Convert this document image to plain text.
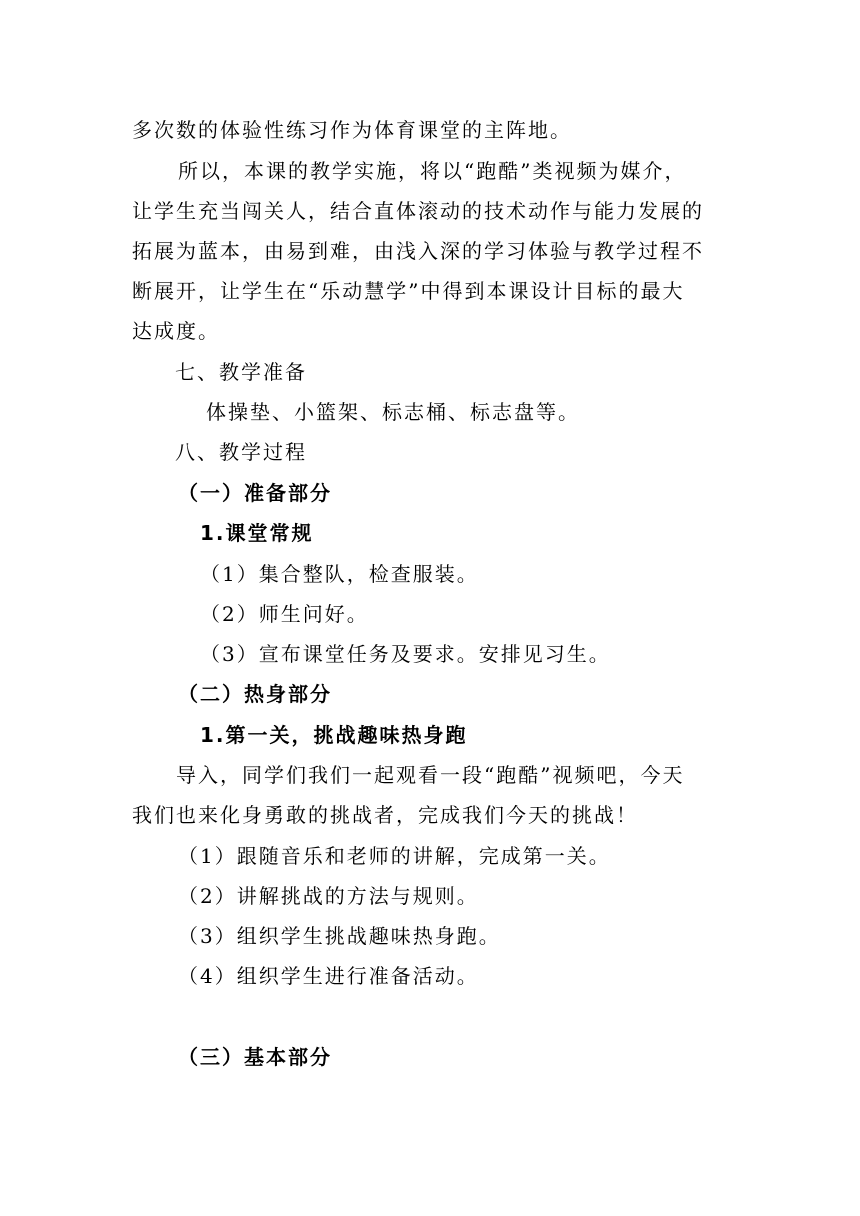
多次数的体验性练习作为体育课堂的主阵地。
所以，本课的教学实施，将以“跑酷”类视频为媒介，
让学生充当闯关人，结合直体滚动的技术动作与能力发展的
拓展为蓝本，由易到难，由浅入深的学习体验与教学过程不
断展开，让学生在“乐动慧学”中得到本课设计目标的最大
达成度。
七、教学准备
体操垫、小篮架、标志桶、标志盘等。
八、教学过程
（一）准备部分
1.课堂常规
（1）集合整队，检查服装。
（2）师生问好。
（3）宣布课堂任务及要求。安排见习生。
（二）热身部分
1.第一关，挑战趣味热身跑
导入，同学们我们一起观看一段“跑酷”视频吧，今天
我们也来化身勇敢的挑战者，完成我们今天的挑战！
（1）跟随音乐和老师的讲解，完成第一关。
（2）讲解挑战的方法与规则。
（3）组织学生挑战趣味热身跑。
（4）组织学生进行准备活动。
（三）基本部分
